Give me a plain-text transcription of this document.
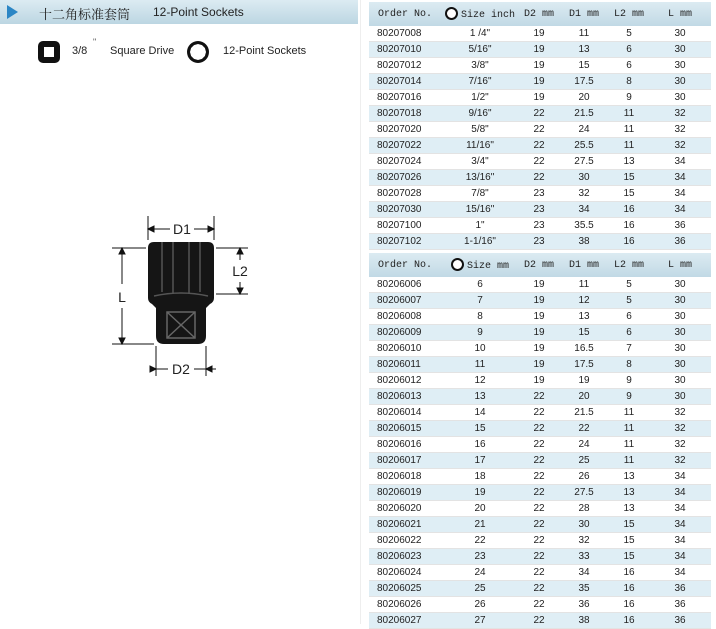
十二角标准套筒 12-Point Sockets
3/8
"
Square Drive	12-Point Sockets
D1
D2
L
L2
Order No.	Size inch	D2 mm	D1 mm	L2 mm	L mm
80207008	1 /4"	19	11	5	30
80207010	5/16"	19	13	6	30
80207012	3/8"	19	15	6	30
80207014	7/16"	19	17.5	8	30
80207016	1/2"	19	20	9	30
80207018	9/16"	22	21.5	11	32
80207020	5/8"	22	24	11	32
80207022	11/16"	22	25.5	11	32
80207024	3/4"	22	27.5	13	34
80207026	13/16"	22	30	15	34
80207028	7/8"	23	32	15	34
80207030	15/16"	23	34	16	34
80207100	1"	23	35.5	16	36
80207102	1-1/16"	23	38	16	36
Order No.	Size mm	D2 mm	D1 mm	L2 mm	L mm
80206006	6	19	11	5	30
80206007	7	19	12	5	30
80206008	8	19	13	6	30
80206009	9	19	15	6	30
80206010	10	19	16.5	7	30
80206011	11	19	17.5	8	30
80206012	12	19	19	9	30
80206013	13	22	20	9	30
80206014	14	22	21.5	11	32
80206015	15	22	22	11	32
80206016	16	22	24	11	32
80206017	17	22	25	11	32
80206018	18	22	26	13	34
80206019	19	22	27.5	13	34
80206020	20	22	28	13	34
80206021	21	22	30	15	34
80206022	22	22	32	15	34
80206023	23	22	33	15	34
80206024	24	22	34	16	34
80206025	25	22	35	16	36
80206026	26	22	36	16	36
80206027	27	22	38	16	36
